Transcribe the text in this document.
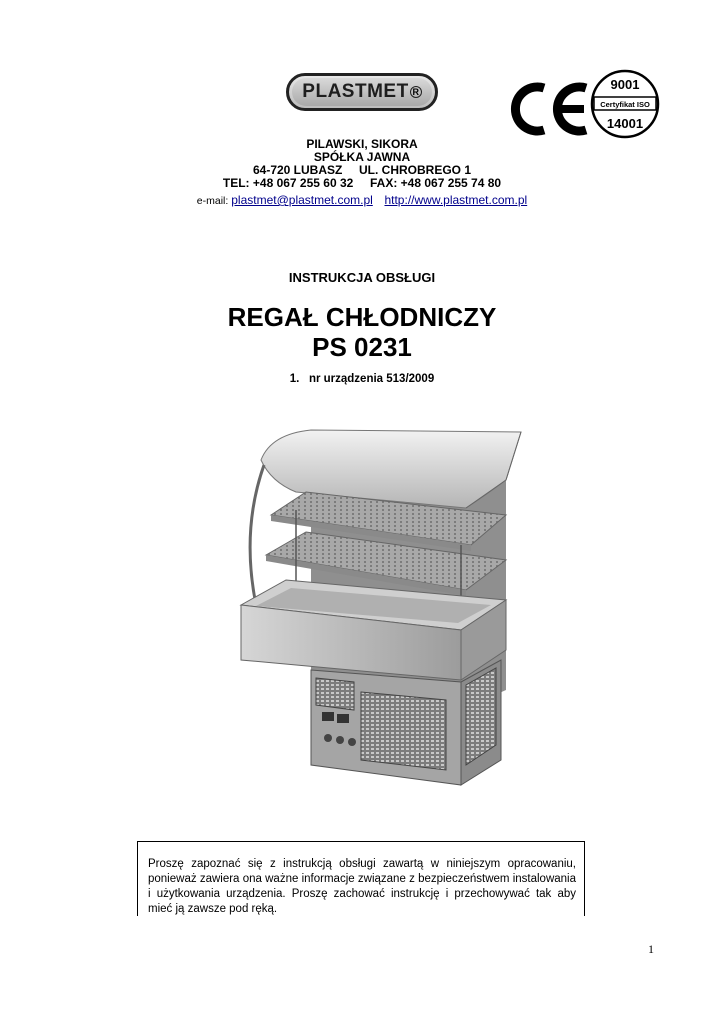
PLASTMET R	9001
Certyfikat ISO
14001
PILAWSKI, SIKORA
SPÓŁKA JAWNA
64-720 LUBASZ     UL. CHROBREGO 1
TEL: +48 067 255 60 32     FAX: +48 067 255 74 80
e-mail: plastmet@plastmet.com.pl http://www.plastmet.com.pl
INSTRUKCJA OBSŁUGI
REGAŁ CHŁODNICZY
PS 0231
1.   nr urządzenia 513/2009
Proszę zapoznać się z instrukcją obsługi zawartą w niniejszym opracowaniu, ponieważ zawiera ona ważne informacje związane z bezpieczeństwem instalowania i użytkowania urządzenia. Proszę zachować instrukcję i przechowywać tak aby mieć ją zawsze pod ręką.
1
